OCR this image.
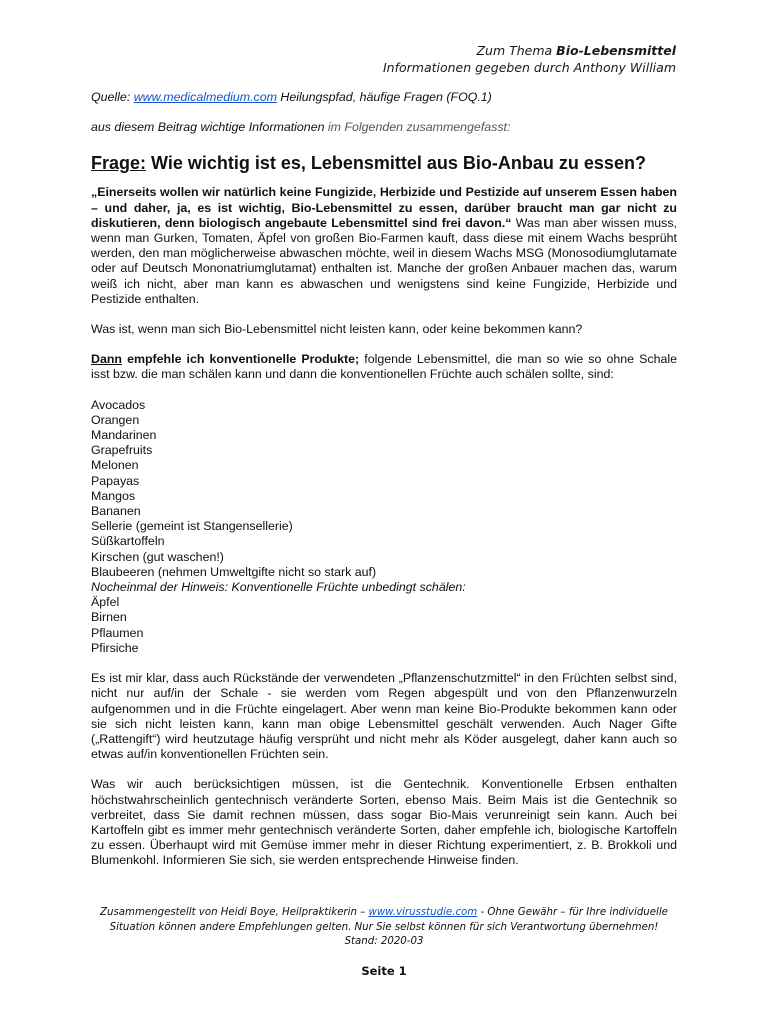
Zum Thema Bio-Lebensmittel
Informationen gegeben durch Anthony William

Quelle: www.medicalmedium.com Heilungspfad, häufige Fragen (FOQ.1)

aus diesem Beitrag wichtige Informationen im Folgenden zusammengefasst:

Frage: Wie wichtig ist es, Lebensmittel aus Bio-Anbau zu essen?

„Einerseits wollen wir natürlich keine Fungizide, Herbizide und Pestizide auf unserem Essen haben – und daher, ja, es ist wichtig, Bio-Lebensmittel zu essen, darüber braucht man gar nicht zu diskutieren, denn biologisch angebaute Lebensmittel sind frei davon.“ Was man aber wissen muss, wenn man Gurken, Tomaten, Äpfel von großen Bio-Farmen kauft, dass diese mit einem Wachs besprüht werden, den man möglicherweise abwaschen möchte, weil in diesem Wachs MSG (Monosodiumglutamate oder auf Deutsch Mononatriumglutamat) enthalten ist. Manche der großen Anbauer machen das, warum weiß ich nicht, aber man kann es abwaschen und wenigstens sind keine Fungizide, Herbizide und Pestizide enthalten.

Was ist, wenn man sich Bio-Lebensmittel nicht leisten kann, oder keine bekommen kann?

Dann empfehle ich konventionelle Produkte; folgende Lebensmittel, die man so wie so ohne Schale isst bzw. die man schälen kann und dann die konventionellen Früchte auch schälen sollte, sind:

Avocados
Orangen
Mandarinen
Grapefruits
Melonen
Papayas
Mangos
Bananen
Sellerie (gemeint ist Stangensellerie)
Süßkartoffeln
Kirschen (gut waschen!)
Blaubeeren (nehmen Umweltgifte nicht so stark auf)

Nocheinmal der Hinweis: Konventionelle Früchte unbedingt schälen:

Äpfel
Birnen
Pflaumen
Pfirsiche

Es ist mir klar, dass auch Rückstände der verwendeten „Pflanzenschutzmittel“ in den Früchten selbst sind, nicht nur auf/in der Schale - sie werden vom Regen abgespült und von den Pflanzenwurzeln aufgenommen und in die Früchte eingelagert. Aber wenn man keine Bio-Produkte bekommen kann oder sie sich nicht leisten kann, kann man obige Lebensmittel geschält verwenden. Auch Nager Gifte („Rattengift“) wird heutzutage häufig versprüht und nicht mehr als Köder ausgelegt, daher kann auch so etwas auf/in konventionellen Früchten sein.

Was wir auch berücksichtigen müssen, ist die Gentechnik. Konventionelle Erbsen enthalten höchstwahrscheinlich gentechnisch veränderte Sorten, ebenso Mais. Beim Mais ist die Gentechnik so verbreitet, dass Sie damit rechnen müssen, dass sogar Bio-Mais verunreinigt sein kann. Auch bei Kartoffeln gibt es immer mehr gentechnisch veränderte Sorten, daher empfehle ich, biologische Kartoffeln zu essen. Überhaupt wird mit Gemüse immer mehr in dieser Richtung experimentiert, z. B. Brokkoli und Blumenkohl. Informieren Sie sich, sie werden entsprechende Hinweise finden.

Zusammengestellt von Heidi Boye, Heilpraktikerin – www.virusstudie.com - Ohne Gewähr – für Ihre individuelle Situation können andere Empfehlungen gelten. Nur Sie selbst können für sich Verantwortung übernehmen!
Stand: 2020-03
Seite 1
